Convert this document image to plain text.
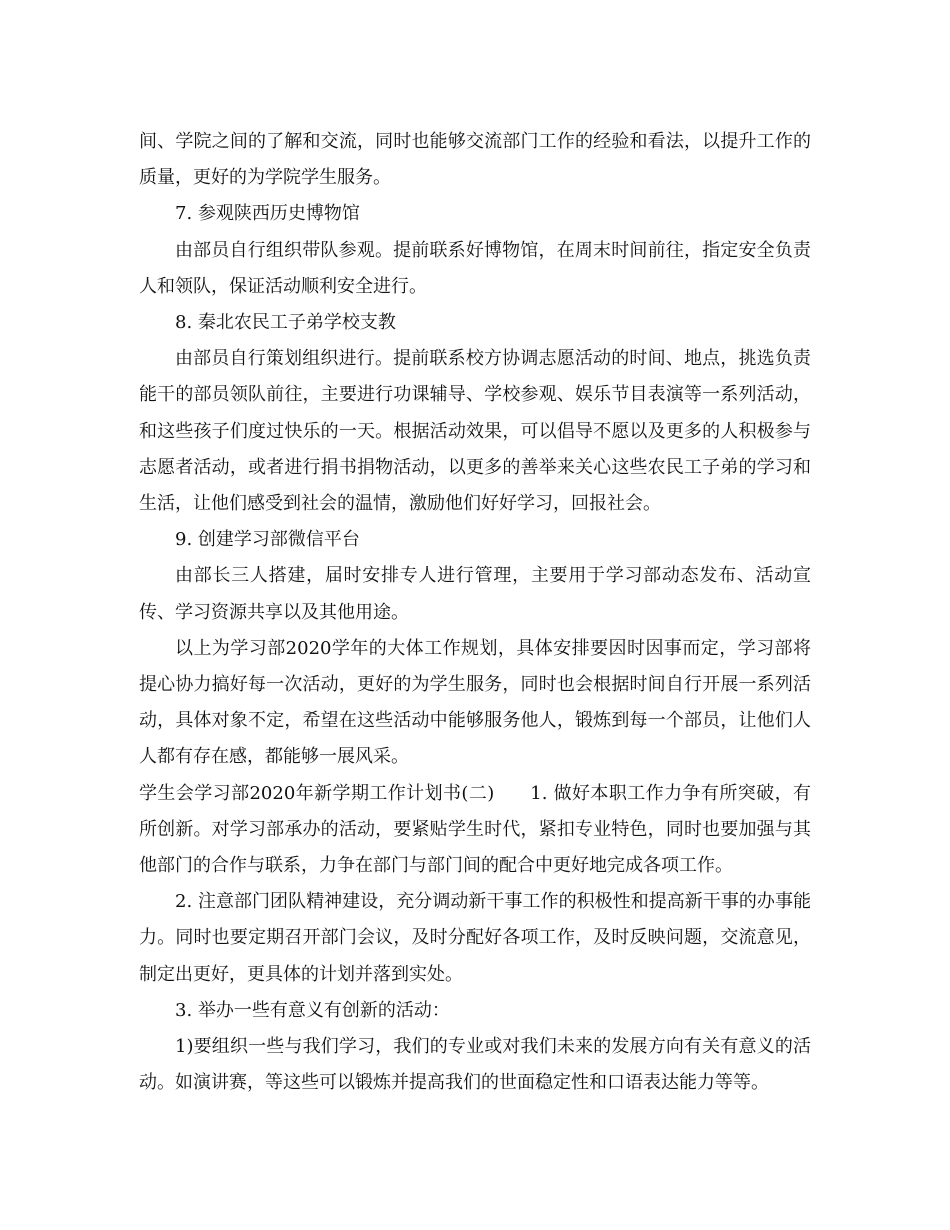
间、学院之间的了解和交流，同时也能够交流部门工作的经验和看法，以提升工作的质量，更好的为学院学生服务。

7. 参观陕西历史博物馆

由部员自行组织带队参观。提前联系好博物馆，在周末时间前往，指定安全负责人和领队，保证活动顺利安全进行。

8. 秦北农民工子弟学校支教

由部员自行策划组织进行。提前联系校方协调志愿活动的时间、地点，挑选负责能干的部员领队前往，主要进行功课辅导、学校参观、娱乐节目表演等一系列活动，和这些孩子们度过快乐的一天。根据活动效果，可以倡导不愿以及更多的人积极参与志愿者活动，或者进行捐书捐物活动，以更多的善举来关心这些农民工子弟的学习和生活，让他们感受到社会的温情，激励他们好好学习，回报社会。

9. 创建学习部微信平台

由部长三人搭建，届时安排专人进行管理，主要用于学习部动态发布、活动宣传、学习资源共享以及其他用途。

以上为学习部2020学年的大体工作规划，具体安排要因时因事而定，学习部将提心协力搞好每一次活动，更好的为学生服务，同时也会根据时间自行开展一系列活动，具体对象不定，希望在这些活动中能够服务他人，锻炼到每一个部员，让他们人人都有存在感，都能够一展风采。

学生会学习部2020年新学期工作计划书(二) 1. 做好本职工作力争有所突破，有所创新。对学习部承办的活动，要紧贴学生时代，紧扣专业特色，同时也要加强与其他部门的合作与联系，力争在部门与部门间的配合中更好地完成各项工作。

2. 注意部门团队精神建设，充分调动新干事工作的积极性和提高新干事的办事能力。同时也要定期召开部门会议，及时分配好各项工作，及时反映问题，交流意见，制定出更好，更具体的计划并落到实处。

3. 举办一些有意义有创新的活动：

1)要组织一些与我们学习，我们的专业或对我们未来的发展方向有关有意义的活动。如演讲赛，等这些可以锻炼并提高我们的世面稳定性和口语表达能力等等。
